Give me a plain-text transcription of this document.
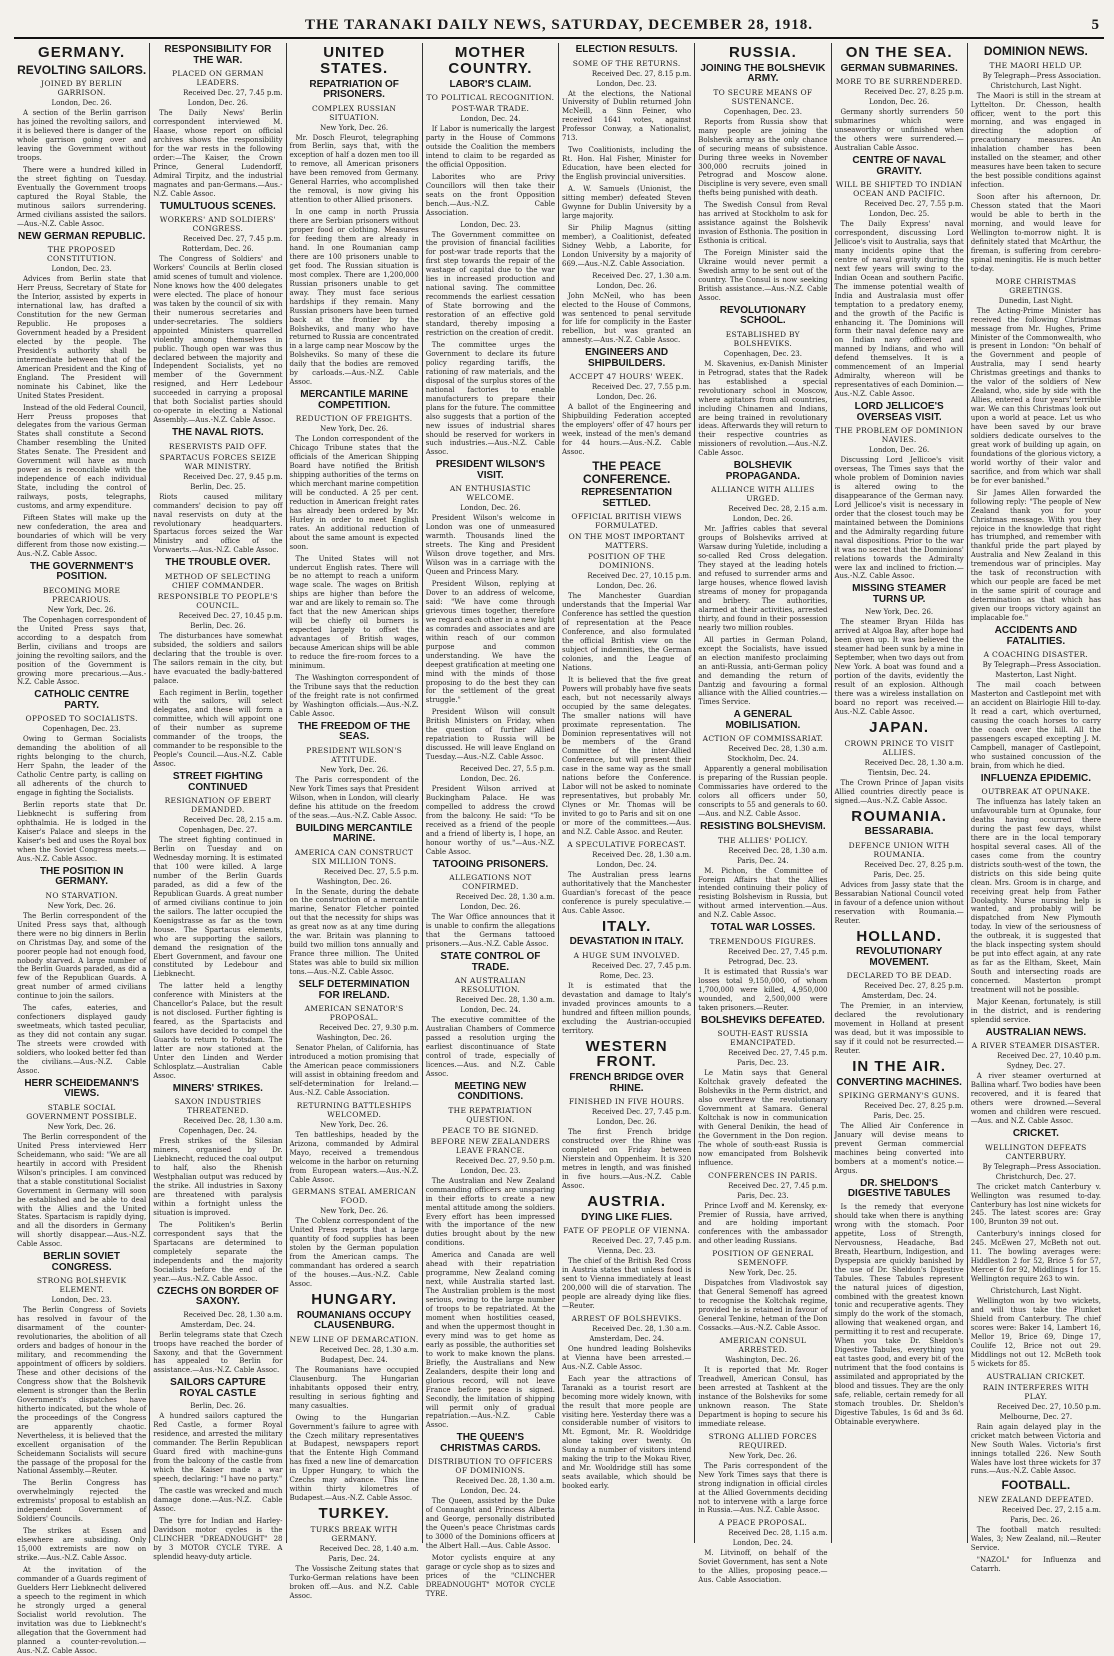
THE TARANAKI DAILY NEWS, SATURDAY, DECEMBER 28, 1918.	5
GERMANY.
REVOLTING SAILORS.
JOINED BY BERLIN GARRISON.
London, Dec. 26.

A section of the Berlin garrison has joined the revolting sailors, and it is believed there is danger of the whole garrison going over and leaving the Government without troops.

There were a hundred killed in the street fighting on Tuesday. Eventually the Government troops captured the Royal Stable, the mutinous sailors surrendering. Armed civilians assisted the sailors.—Aus.-N.Z. Cable Assoc.

NEW GERMAN REPUBLIC.
THE PROPOSED CONSTITUTION.
London, Dec. 23.

Advices from Berlin state that Herr Preuss, Secretary of State for the Interior, assisted by experts in international law, has drafted a Constitution for the new German Republic. He proposes a Government headed by a President elected by the people. The President's authority shall be intermediate between that of the American President and the King of England. The President will nominate his Cabinet, like the United States President.

Instead of the old Federal Council, Herr Preuss proposes that delegates from the various German States shall constitute a Second Chamber resembling the United States Senate. The President and Government will have as much power as is reconcilable with the independence of each individual State, including the control of railways, posts, telegraphs, customs, and army expenditure.

Fifteen States will make up the new confederation, the area and boundaries of which will be very different from those now existing.—Aus.-N.Z. Cable Assoc.

THE GOVERNMENT'S POSITION.
BECOMING MORE PRECARIOUS.
New York, Dec. 26.

The Copenhagen correspondent of the United Press says that, according to a despatch from Berlin, civilians and troops are joining the revolting sailors, and the position of the Government is growing more precarious.—Aus.-N.Z. Cable Assoc.

CATHOLIC CENTRE PARTY.
OPPOSED TO SOCIALISTS.
Copenhagen, Dec. 23.

Owing to German Socialists demanding the abolition of all rights belonging to the church, Herr Spahn, the leader of the Catholic Centre party, is calling on all adherents of the church to engage in fighting the Socialists.

Berlin reports state that Dr. Liebknecht is suffering from ophthalmia. He is lodged in the Kaiser's Palace and sleeps in the Kaiser's bed and uses the Royal box when the Soviet Congress meets.—Aus.-N.Z. Cable Assoc.

THE POSITION IN GERMANY.
NO STARVATION.
New York, Dec. 26.

The Berlin correspondent of the United Press says that, although there were no big dinners in Berlin on Christmas Day, and some of the poorer people had not enough food, nobody starved. A large number of the Berlin Guards paraded, as did a few of the Republican Guards. A great number of armed civilians continue to join the sailors.

The cafes, eateries, and confectioners displayed gaudy sweetmeats, which tasted peculiar, as they did not contain any sugar. The streets were crowded with soldiers, who looked better fed than the civilians.—Aus.-N.Z. Cable Assoc.

HERR SCHEIDEMANN'S VIEWS.
STABLE SOCIAL GOVERNMENT POSSIBLE.
New York, Dec. 26.

The Berlin correspondent of the United Press interviewed Herr Scheidemann, who said: "We are all heartily in accord with President Wilson's principles. I am convinced that a stable constitutional Socialist Government in Germany will soon be established and be able to deal with the Allies and the United States. Spartacism is rapidly dying, and all the disorders in Germany will shortly disappear.—Aus.-N.Z. Cable Assoc.

BERLIN SOVIET CONGRESS.
STRONG BOLSHEVIK ELEMENT.
London, Dec. 23.

The Berlin Congress of Soviets has resolved in favour of the disarmament of the counter-revolutionaries, the abolition of all orders and badges of honour in the military, and recommending the appointment of officers by soldiers. These and other decisions of the Congress show that the Bolshevik element is stronger than the Berlin Government's dispatches have hitherto indicated, but the whole of the proceedings of the Congress are apparently chaotic. Nevertheless, it is believed that the excellent organisation of the Scheidemann Socialists will secure the passage of the proposal for the National Assembly.—Reuter.

The Berlin Congress has overwhelmingly rejected the extremists' proposal to establish an independent Government of Soldiers' Councils.

The strikes at Essen and elsewhere are subsiding. Only 15,000 extremists are now on strike.—Aus.-N.Z. Cable Assoc.

At the invitation of the commander of a Guards regiment of Guelders Herr Liebknecht delivered a speech to the regiment in which he strongly urged a general Socialist world revolution. The invitation was due to Liebknecht's allegation that the Government had planned a counter-revolution.—Aus.-N.Z. Cable Assoc.

RESPONSIBILITY FOR THE WAR.
PLACED ON GERMAN LEADERS.
Received Dec. 27, 7.45 p.m.
London, Dec. 26.

The Daily News' Berlin correspondent interviewed M. Haase, whose report on official archives shows the responsibility for the war rests in the following order:—The Kaiser, the Crown Prince, General Ludendorff, Admiral Tirpitz, and the industrial magnates and pan-Germans.—Aus.-N.Z. Cable Assoc.

TUMULTUOUS SCENES.
WORKERS' AND SOLDIERS' CONGRESS.
Received Dec. 27, 7.45 p.m.
Rotterdam, Dec. 26.

The Congress of Soldiers' and Workers' Councils at Berlin closed amid scenes of tumult and violence. None knows how the 400 delegates were elected. The place of honour was taken by the council of six with their numerous secretaries and under-secretaries. The soldiers appointed Ministers quarrelled violently among themselves in public. Though open war was thus declared between the majority and Independent Socialists, yet no member of the Government resigned, and Herr Ledebour succeeded in carrying a proposal that both Socialist parties should co-operate in electing a National Assembly.—Aus.-N.Z. Cable Assoc.

THE NAVAL RIOTS.
RESERVISTS PAID OFF.
SPARTACUS FORCES SEIZE WAR MINISTRY.
Received Dec. 27, 9.45 p.m.
Berlin, Dec. 25.

Riots caused military commanders' decision to pay off naval reservists on duty at the revolutionary headquarters. Spartacus forces seized the War Ministry and office of the Vorwaerts.—Aus.-N.Z. Cable Assoc.

THE TROUBLE OVER.
METHOD OF SELECTING CHIEF COMMANDER.
RESPONSIBLE TO PEOPLE'S COUNCIL.
Received Dec. 27, 10.45 p.m.
Berlin, Dec. 26.

The disturbances have somewhat subsided, the soldiers and sailors declaring that the trouble is over. The sailors remain in the city, but have evacuated the badly-battered palace.

Each regiment in Berlin, together with the sailors, will select delegates, and these will form a committee, which will appoint one of their number as supreme commander of the troops, the commander to be responsible to the People's Council.—Aus.-N.Z. Cable Assoc.

STREET FIGHTING CONTINUED
RESIGNATION OF EBERT DEMANDED.
Received Dec. 28, 2.15 a.m.
Copenhagen, Dec. 27.

The street fighting continued in Berlin on Tuesday and on Wednesday morning. It is estimated that 100 were killed. A large number of the Berlin Guards paraded, as did a few of the Republican Guards. A great number of armed civilians continue to join the sailors. The latter occupied the Koenigstrasse as far as the town house. The Spartacus elements, who are supporting the sailors, demand the resignation of the Ebert Government, and favour one constituted by Ledebour and Liebknecht.

The latter held a lengthy conference with Ministers at the Chancellor's Palace, but the result is not disclosed. Further fighting is feared, as the Spartacists and sailors have decided to compel the Guards to return to Potsdam. The latter are now stationed at the Unter den Linden and Werder Schlosplatz.—Australian Cable Assoc.

MINERS' STRIKES.
SAXON INDUSTRIES THREATENED.
Received Dec. 28, 1.30 a.m.
Copenhagen, Dec. 24.

Fresh strikes of the Silesian miners, organised by Dr. Liebknecht, reduced the coal output to half, also the Rhenish Westphalian output was reduced by the strike. All industries in Saxony are threatened with paralysis within a fortnight unless the situation is improved.

The Politiken's Berlin correspondent says that the Spartacans are determined to completely separate the independents and the majority Socialists before the end of the year.—Aus.-N.Z. Cable Assoc.

CZECHS ON BORDER OF SAXONY.
Received Dec. 28, 1.30 a.m.
Amsterdam, Dec. 24.

Berlin telegrams state that Czech troops have reached the border of Saxony, and that the Government has appealed to Berlin for assistance.—Aus.-N.Z. Cable Assoc.

SAILORS CAPTURE ROYAL CASTLE
Berlin, Dec. 26.

A hundred sailors captured the Red Castle, a former Royal residence, and arrested the military commander. The Berlin Republican Guard fired with machine-guns from the balcony of the castle from which the Kaiser made a war speech, declaring: "I have no party."

The castle was wrecked and much damage done.—Aus.-N.Z. Cable Assoc.

The tyre for Indian and Harley-Davidson motor cycles is the CLINCHER "DREADNOUGHT" 28 by 3 MOTOR CYCLE TYRE. A splendid heavy-duty article.

UNITED STATES.
REPATRIATION OF PRISONERS.
COMPLEX RUSSIAN SITUATION.
New York, Dec. 26.

Mr. Dosch Fleurot, telegraphing from Berlin, says that, with the exception of half a dozen men too ill to remove, all American prisoners have been removed from Germany. General Harries, who accomplished the removal, is now giving his attention to other Allied prisoners.

In one camp in north Prussia there are Serbian prisoners without proper food or clothing. Measures for feeding them are already in hand. In one Roumanian camp there are 100 prisoners unable to get food. The Russian situation is most complex. There are 1,200,000 Russian prisoners unable to get away. They must face serious hardships if they remain. Many Russian prisoners have been turned back at the frontier by the Bolsheviks, and many who have returned to Russia are concentrated in a large camp near Moscow by the Bolsheviks. So many of these die daily that the bodies are removed by carloads.—Aus.-N.Z. Cable Assoc.

MERCANTILE MARINE COMPETITION.
REDUCTION OF FREIGHTS.
New York, Dec. 26.

The London correspondent of the Chicago Tribune states that the officials of the American Shipping Board have notified the British shipping authorities of the terms on which merchant marine competition will be conducted. A 25 per cent. reduction in American freight rates has already been ordered by Mr. Hurley in order to meet English rates. An additional reduction of about the same amount is expected soon.

The United States will not undercut English rates. There will be no attempt to reach a uniform wage scale. The wages on British ships are higher than before the war and are likely to remain so. The fact that the new American ships will be chiefly oil burners is expected largely to offset the advantages of British wages, because American ships will be able to reduce the fire-room forces to a minimum.

The Washington correspondent of the Tribune says that the reduction of the freight rate is not confirmed by Washington officials.—Aus.-N.Z. Cable Assoc.

THE FREEDOM OF THE SEAS.
PRESIDENT WILSON'S ATTITUDE.
New York, Dec. 26.

The Paris correspondent of the New York Times says that President Wilson, when in London, will clearly define his attitude on the freedom of the seas.—Aus.-N.Z. Cable Assoc.

BUILDING MERCANTILE MARINE.
AMERICA CAN CONSTRUCT SIX MILLION TONS.
Received Dec. 27, 5.5 p.m.
Washington, Dec. 26.

In the Senate, during the debate on the construction of a mercantile marine, Senator Fletcher pointed out that the necessity for ships was as great now as at any time during the war. Britain was planning to build two million tons annually and France three million. The United States was able to build six million tons.—Aus.-N.Z. Cable Assoc.

SELF DETERMINATION FOR IRELAND.
AMERICAN SENATOR'S PROPOSAL.
Received Dec. 27, 9.30 p.m.
Washington, Dec. 26.

Senator Phelan, of California, has introduced a motion promising that the American peace commissioners will assist in obtaining freedom and self-determination for Ireland.—Aus.-N.Z. Cable Association.

RETURNING BATTLESHIPS WELCOMED.
New York, Dec. 26.

Ten battleships, headed by the Arizona, commanded by Admiral Mayo, received a tremendous welcome in the harbor on returning from European waters.—Aus.-N.Z. Cable Assoc.

GERMANS STEAL AMERICAN FOOD.
New York, Dec. 26.

The Coblenz correspondent of the United Press reports that a large quantity of food supplies has been stolen by the German population from the American camps. The commandant has ordered a search of the houses.—Aus.-N.Z. Cable Assoc.

HUNGARY.
ROUMANIANS OCCUPY CLAUSENBURG.
NEW LINE OF DEMARCATION.
Received Dec. 28, 1.30 a.m.
Budapest, Dec. 24.

The Roumanians have occupied Clausenburg. The Hungarian inhabitants opposed their entry, resulting in serious fighting and many casualties.

Owing to the Hungarian Government's failure to agree with the Czech military representatives at Budapest, newspapers report that the Entente High Command has fixed a new line of demarcation in Upper Hungary, to which the Czechs may advance. This line within thirty kilometres of Budapest.—Aus.-N.Z. Cable Assoc.

TURKEY.
TURKS BREAK WITH GERMANY.
Received Dec. 28, 1.40 a.m.
Paris, Dec. 24.

The Vossische Zeitung states that Turko-German relations have been broken off.—Aus. and N.Z. Cable Assoc.

MOTHER COUNTRY.
LABOR'S CLAIM.
TO POLITICAL RECOGNITION.
POST-WAR TRADE.
London, Dec. 24.

If Labor is numerically the largest party in the House of Commons outside the Coalition the members intend to claim to be regarded as the official Opposition.

Laborites who are Privy Councillors will then take their seats on the front Opposition bench.—Aus.-N.Z. Cable Association.

London, Dec. 23.

The Government committee on the provision of financial facilities for post-war trade reports that the first step towards the repair of the wastage of capital due to the war lies in increased production and national saving. The committee recommends the earliest cessation of State borrowing and the restoration of an effective gold standard, thereby imposing a restriction on the creation of credit.

The committee urges the Government to declare its future policy regarding tariffs, the rationing of raw materials, and the disposal of the surplus stores of the national factories to enable manufacturers to prepare their plans for the future. The committee also suggests that a portion of the new issues of industrial shares should be reserved for workers in such industries.—Aus.-N.Z. Cable Assoc.

PRESIDENT WILSON'S VISIT.
AN ENTHUSIASTIC WELCOME.
London, Dec. 26.

President Wilson's welcome in London was one of unmeasured warmth. Thousands lined the streets. The King and President Wilson drove together, and Mrs. Wilson was in a carriage with the Queen and Princess Mary.

President Wilson, replying at Dover to an address of welcome, said: "We have come through grievous times together, therefore we regard each other in a new light as comrades and associates and are within reach of our common purpose and common understanding. We have the deepest gratification at meeting one mind with the minds of those proposing to do the best they can for the settlement of the great struggle."

President Wilson will consult British Ministers on Friday, when the question of further Allied repatriation to Russia will be discussed. He will leave England on Tuesday.—Aus.-N.Z. Cable Assoc.

Received Dec. 27, 5.5 p.m.
London, Dec. 26.

President Wilson arrived at Buckingham Palace. He was compelled to address the crowd from the balcony. He said: "To be received as a friend of the people and a friend of liberty is, I hope, an honour worthy of us."—Aus.-N.Z. Cable Assoc.

TATOOING PRISONERS.
ALLEGATIONS NOT CONFIRMED.
Received Dec. 28, 1.30 a.m.
London, Dec. 26.

The War Office announces that it is unable to confirm the allegations that the Germans tattooed prisoners.—Aus.-N.Z. Cable Assoc.

STATE CONTROL OF TRADE.
AN AUSTRALIAN RESOLUTION.
Received Dec. 28, 1.30 a.m.
London, Dec. 24.

The executive committee of the Australian Chambers of Commerce passed a resolution urging the earliest discontinuance of State control of trade, especially of licences.—Aus. and N.Z. Cable Assoc.

MEETING NEW CONDITIONS.
THE REPATRIATION QUESTION.
PEACE TO BE SIGNED.
BEFORE NEW ZEALANDERS LEAVE FRANCE.
Received Dec. 27, 9.50 p.m.
London, Dec. 23.

The Australian and New Zealand commanding officers are unsparing in their efforts to create a new mental attitude among the soldiers. Every effort has been impressed with the importance of the new duties brought about by the new conditions.

America and Canada are well ahead with their repatriation programme, New Zealand coming next, while Australia started last. The Australian problem is the most serious, owing to the large number of troops to be repatriated. At the moment when hostilities ceased, and when the uppermost thought in every mind was to get home as early as possible, the authorities set to work to make known the plans. Briefly, the Australians and New Zealanders, despite their long and glorious record, will not leave France before peace is signed. Secondly, the limitation of shipping will permit only of gradual repatriation.—Aus.-N.Z. Cable Assoc.

THE QUEEN'S CHRISTMAS CARDS.
DISTRIBUTION TO OFFICERS OF DOMINIONS.
Received Dec. 28, 1.30 a.m.
London, Dec. 24.

The Queen, assisted by the Duke of Connaught and Princess Alberta and George, personally distributed the Queen's peace Christmas cards to 3000 of the Dominions officers at the Albert Hall.—Aus. Cable Assoc.

Motor cyclists enquire at any garage or cycle shop as to sizes and prices of the "CLINCHER DREADNOUGHT" MOTOR CYCLE TYRE.

ELECTION RESULTS.
SOME OF THE RETURNS.
Received Dec. 27, 8.15 p.m.
London, Dec. 23.

At the elections, the National University of Dublin returned John McNeill, a Sinn Feiner, who received 1641 votes, against Professor Conway, a Nationalist, 713.

Two Coalitionists, including the Rt. Hon. Hal Fisher, Minister for Education, have been elected for the English provincial universities.

A. W. Samuels (Unionist, the sitting member) defeated Steven Gwynne for Dublin University by a large majority.

Sir Philip Magnus (sitting member), a Coalitionist, defeated Sidney Webb, a Laborite, for London University by a majority of 669.—Aus.-N.Z. Cable Association.

Received Dec. 27, 1.30 a.m.
London, Dec. 26.

John McNeil, who has been elected to the House of Commons, was sentenced to penal servitude for life for complicity in the Easter rebellion, but was granted an amnesty.—Aus.-N.Z. Cable Assoc.

ENGINEERS AND SHIPBUILDERS.
ACCEPT 47 HOURS' WEEK.
Received Dec. 27, 7.55 p.m.
London, Dec. 26.

A ballot of the Engineering and Shipbuilding Federation accepted the employers' offer of 47 hours per week, instead of the men's demand for 44 hours.—Aus.-N.Z. Cable Assoc.

THE PEACE CONFERENCE.
REPRESENTATION SETTLED.
OFFICIAL BRITISH VIEWS FORMULATED.
ON THE MOST IMPORTANT MATTERS.
POSITION OF THE DOMINIONS.
Received Dec. 27, 10.15 p.m.
London, Dec. 26.

The Manchester Guardian understands that the Imperial War Conference has settled the question of representation at the Peace Conference, and also formulated the official British view on the subject of indemnities, the German colonies, and the League of Nations.

It is believed that the five great Powers will probably have five seats each, but not necessarily always occupied by the same delegates. The smaller nations will have proximate representation. The Dominion representatives will not be members of the Grand Committee of the inter-Allied Conference, but will present their case in the same way as the small nations before the Conference. Labor will not be asked to nominate representatives, but probably Mr. Clynes or Mr. Thomas will be invited to go to Paris and sit on one or more of the committees.—Aus. and N.Z. Cable Assoc. and Reuter.

A SPECULATIVE FORECAST.
Received Dec. 28, 1.30 a.m.
London, Dec. 24.

The Australian press learns authoritatively that the Manchester Guardian's forecast of the peace conference is purely speculative.—Aus. Cable Assoc.

ITALY.
DEVASTATION IN ITALY.
A HUGE SUM INVOLVED.
Received Dec. 27, 7.45 p.m.
Rome, Dec. 23.

It is estimated that the devastation and damage to Italy's invaded provinces amounts to a hundred and fifteen million pounds, excluding the Austrian-occupied territory.

WESTERN FRONT.
FRENCH BRIDGE OVER RHINE.
FINISHED IN FIVE HOURS.
Received Dec. 27, 7.45 p.m.
London, Dec. 26.

The first French bridge constructed over the Rhine was completed on Friday between Nierstein and Oppenheim. It is 320 metres in length, and was finished in five hours.—Aus.-N.Z. Cable Assoc.

AUSTRIA.
DYING LIKE FLIES.
FATE OF PEOPLE OF VIENNA.
Received Dec. 27, 7.45 p.m.
Vienna, Dec. 23.

The chief of the British Red Cross in Austria states that unless food is sent to Vienna immediately at least 200,000 will die of starvation. The people are already dying like flies.—Reuter.

ARREST OF BOLSHEVIKS.
Received Dec. 28, 1.30 a.m.
Amsterdam, Dec. 24.

One hundred leading Bolsheviks at Vienna have been arrested.—Aus.-N.Z. Cable Assoc.

Each year the attractions of Taranaki as a tourist resort are becoming more widely known, with the result that more people are visiting here. Yesterday there was a considerable number of visitors to Mt. Egmont, Mr. R. Wooldridge alone taking over twenty. On Sunday a number of visitors intend making the trip to the Mokau River, and Mr. Wooldridge still has some seats available, which should be booked early.

RUSSIA.
JOINING THE BOLSHEVIK ARMY.
TO SECURE MEANS OF SUSTENANCE.
Copenhagen, Dec. 23.

Reports from Russia show that many people are joining the Bolshevik army as the only chance of securing means of subsistence. During three weeks in November 300,000 recruits joined in Petrograd and Moscow alone. Discipline is very severe, even small thefts being punished with death.

The Swedish Consul from Reval has arrived at Stockholm to ask for assistance against the Bolshevik invasion of Esthonia. The position in Esthonia is critical.

The Foreign Minister said the Ukraine would never permit a Swedish army to be sent out of the country. The Consul is now seeking British assistance.—Aus.-N.Z. Cable Assoc.

REVOLUTIONARY SCHOOL.
ESTABLISHED BY BOLSHEVIKS.
Copenhagen, Dec. 23.

M. Skavenius, ex-Danish Minister in Petrograd, states that the Radek has established a special revolutionary school in Moscow, where agitators from all countries, including Chinamen and Indians, are being trained in revolutionary ideas. Afterwards they will return to their respective countries as missioners of revolution.—Aus.-N.Z. Cable Assoc.

BOLSHEVIK PROPAGANDA.
ALLIANCE WITH ALLIES URGED.
Received Dec. 28, 2.15 a.m.
London, Dec. 26.

Mr. Jaffries cables that several groups of Bolsheviks arrived at Warsaw during Yuletide, including a so-called Red Cross delegation. They stayed at the leading hotels and refused to surrender arms and large houses, whence flowed lavish streams of money for propaganda and bribery. The authorities, alarmed at their activities, arrested thirty, and found in their possession nearly two million roubles.

All parties in German Poland, except the Socialists, have issued an election manifesto proclaiming an anti-Russia, anti-German policy and demanding the return of Dantzig and favouring a formal alliance with the Allied countries.—Times Service.

A GENERAL MOBILISATION.
ACTION OF COMMISSARIAT.
Received Dec. 28, 1.30 a.m.
Stockholm, Dec. 24.

Apparently a general mobilisation is preparing of the Russian people. Commissaries have ordered to the colors all officers under 50, conscripts to 55 and generals to 60.—Aus. and N.Z. Cable Assoc.

RESISTING BOLSHEVISM.
THE ALLIES' POLICY.
Received Dec. 28, 1.30 a.m.
Paris, Dec. 24.

M. Pichon, the Committee of Foreign Affairs that the Allies intended continuing their policy of resisting Bolshevism in Russia, but without armed intervention.—Aus. and N.Z. Cable Assoc.

TOTAL WAR LOSSES.
TREMENDOUS FIGURES.
Received Dec. 27, 7.45 p.m.
Petrograd, Dec. 23.

It is estimated that Russia's war losses total 9,150,000, of whom 1,700,000 were killed, 4,950,000 wounded, and 2,500,000 were taken prisoners.—Reuter.

BOLSHEVIKS DEFEATED.
SOUTH-EAST RUSSIA EMANCIPATED.
Received Dec. 27, 7.45 p.m.
Paris, Dec. 23.

Le Matin says that General Koltchak gravely defeated the Bolsheviks in the Perm district, and also overthrew the revolutionary Government at Samara. General Koltchak is now in communication with General Denikin, the head of the Government in the Don region. The whole of south-east Russia is now emancipated from Bolshevik influence.

CONFERENCES IN PARIS.
Received Dec. 27, 7.45 p.m.
Paris, Dec. 23.

Prince Lvoff and M. Kerensky, ex-Premier of Russia, have arrived, and are holding important conferences with the ambassador and other leading Russians.

POSITION OF GENERAL SEMENOFF.
New York, Dec. 25.

Dispatches from Vladivostok say that General Semenoff has agreed to recognise the Koltchak regime, provided he is retained in favour of General Tenkine, hetman of the Don Cossacks.—Aus.-N.Z. Cable Assoc.

AMERICAN CONSUL ARRESTED.
Washington, Dec. 26.

It is reported that Mr. Roger Treadwell, American Consul, has been arrested at Tashkent at the instance of the Bolsheviks for some unknown reason. The State Department is hoping to secure his immediate release.

STRONG ALLIED FORCES REQUIRED.
New York, Dec. 26.

The Paris correspondent of the New York Times says that there is strong indignation in official circles at the Allied Governments deciding not to intervene with a large force in Russia.—Aus. N.Z. Cable Assoc.

A PEACE PROPOSAL.
Received Dec. 28, 1.15 a.m.
London, Dec. 24.

M. Litvinoff, on behalf of the Soviet Government, has sent a Note to the Allies, proposing peace.—Aus. Cable Association.

ON THE SEA.
GERMAN SUBMARINES.
MORE TO BE SURRENDERED.
Received Dec. 27, 8.25 p.m.
London, Dec. 26.

Germany shortly surrenders 50 submarines which were unseaworthy or unfinished when the others were surrendered.—Australian Cable Assoc.

CENTRE OF NAVAL GRAVITY.
WILL BE SHIFTED TO INDIAN OCEAN AND PACIFIC.
Received Dec. 27, 7.55 p.m.
London, Dec. 25.

The Daily Express' naval correspondent, discussing Lord Jellicoe's visit to Australia, says that many incidents opine that the centre of naval gravity during the next few years will swing to the Indian Ocean and southern Pacific. The immense potential wealth of India and Australasia must offer temptation to a predatory enemy, and the growth of the Pacific is enhancing it. The Dominions will form their naval defence navy are on Indian navy officered and manned by Indians, and who will defend themselves. It is a commencement of an Imperial Admiralty, whereon will be representatives of each Dominion.—Aus.-N.Z. Cable Assoc.

LORD JELLICOE'S OVERSEAS VISIT.
THE PROBLEM OF DOMINION NAVIES.
London, Dec. 26.

Discussing Lord Jellicoe's visit overseas, The Times says that the whole problem of Dominion navies is altered owing to the disappearance of the German navy. Lord Jellicoe's visit is necessary in order that the closest touch may be maintained between the Dominions and the Admiralty regarding future naval dispositions. Prior to the war it was no secret that the Dominions' relations towards the Admiralty were lax and inclined to friction.—Aus.-N.Z. Cable Assoc.

MISSING STEAMER TURNS UP.
New York, Dec. 26.

The steamer Bryan Hilda has arrived at Algoa Bay, after hope had been given up. It was believed the steamer had been sunk by a mine in September, when two days out from New York. A boat was found and a portion of the davits, evidently the result of an explosion. Although there was a wireless installation on board no report was received.—Aus.-N.Z. Cable Assoc.

JAPAN.
CROWN PRINCE TO VISIT ALLIES.
Received Dec. 28, 1.30 a.m.
Tientsin, Dec. 24.

The Crown Prince of Japan visits Allied countries directly peace is signed.—Aus.-N.Z. Cable Assoc.

ROUMANIA.
BESSARABIA.
DEFENCE UNION WITH ROUMANIA.
Received Dec. 27, 8.25 p.m.
Paris, Dec. 25.

Advices from Jassy state that the Bessarabian National Council voted in favour of a defence union without reservation with Roumania.—Reuter.

HOLLAND.
REVOLUTIONARY MOVEMENT.
DECLARED TO BE DEAD.
Received Dec. 27, 8.25 p.m.
Amsterdam, Dec. 24.

The Premier, in an interview, declared the revolutionary movement in Holland at present was dead, but it was impossible to say if it could not be resurrected.—Reuter.

IN THE AIR.
CONVERTING MACHINES.
SPIKING GERMANY'S GUNS.
Received Dec. 27, 8.25 p.m.
Paris, Dec. 25.

The Allied Air Conference in January will devise means to prevent German commercial machines being converted into bombers at a moment's notice.—Argus.

DR. SHELDON'S DIGESTIVE TABULES

Is the remedy that everyone should take when there is anything wrong with the stomach. Poor appetite, Loss of Strength, Nervousness, Headache, Bad Breath, Heartburn, Indigestion, and Dyspepsia are quickly banished by the use of Dr. Sheldon's Digestive Tabules. These Tabules represent the natural juices of digestion, combined with the greatest known tonic and recuperative agents. They simply do the work of the stomach, allowing that weakened organ, and permitting it to rest and recuperate. When you take Dr. Sheldon's Digestive Tabules, everything you eat tastes good, and every bit of the nutriment that the food contains is assimilated and appropriated by the blood and tissues. They are the only safe, reliable, certain remedy for all stomach troubles. Dr. Sheldon's Digestive Tabules, 1s 6d and 3s 6d. Obtainable everywhere.

DOMINION NEWS.
THE MAORI HELD UP.
By Telegraph—Press Association.
Christchurch, Last Night.

The Maori is still in the stream at Lyttelton. Dr. Chesson, health officer, went to the port this morning, and was engaged in directing the adoption of precautionary measures. An inhalation chamber has been installed on the steamer, and other measures have been taken to secure the best possible conditions against infection.

Soon after his afternoon, Dr. Chesson stated that the Maori would be able to berth in the morning, and would leave for Wellington to-morrow night. It is definitely stated that McArthur, the fireman, is suffering from cerebro-spinal meningitis. He is much better to-day.

MORE CHRISTMAS GREETINGS.
Dunedin, Last Night.

The Acting-Prime Minister has received the following Christmas message from Mr. Hughes, Prime Minister of the Commonwealth, who is present in London: "On behalf of the Government and people of Australia, may I send hearty Christmas greetings and thanks to the valor of the soldiers of New Zealand, who, side by side with the Allies, entered a four years' terrible war. We can this Christmas look out upon a world at peace. Let us who have been saved by our brave soldiers dedicate ourselves to the great work of building up again, on foundations of the glorious victory, a world worthy of their valor and sacrifice, and from which war shall be for ever banished."

Sir James Allen forwarded the following reply: "The people of New Zealand thank you for your Christmas message. With you they rejoice in the knowledge that right has triumphed, and remember with thankful pride the part played by Australia and New Zealand in this tremendous war of principles. May the task of reconstruction with which our people are faced be met in the same spirit of courage and determination as that which has given our troops victory against an implacable foe."

ACCIDENTS AND FATALITIES.
A COACHING DISASTER.
By Telegraph—Press Association.
Masterton, Last Night.

The mail coach between Masterton and Castlepoint met with an accident on Blairlogie Hill to-day. It read a cart, which overturned, causing the coach horses to carry the coach over the hill. All the passengers escaped excepting J. M. Campbell, manager of Castlepoint, who sustained concussion of the brain, from which he died.

INFLUENZA EPIDEMIC.
OUTBREAK AT OPUNAKE.

The influenza has lately taken an unfavourable turn at Opunake, four deaths having occurred there during the past few days, whilst there are in the local temporary hospital several cases. All of the cases come from the country districts south-west of the town, the districts on this side being quite clean. Mrs. Groom is in charge, and receiving great help from Father Doolaghty. Nurse nursing help is wanted, and probably will be dispatched from New Plymouth today. In view of the seriousness of the outbreak, it is suggested that the black inspecting system should be put into effect again, at any rate as far as the Eltham, Skeet, Main South and intersecting roads are concerned. Masterton prompt treatment will not be possible.

Major Keenan, fortunately, is still in the district, and is rendering splendid service.

AUSTRALIAN NEWS.
A RIVER STEAMER DISASTER.
Received Dec. 27, 10.40 p.m.
Sydney, Dec. 27.

A river steamer overturned at Ballina wharf. Two bodies have been recovered, and it is feared that others were drowned.—Several women and children were rescued.—Aus. and N.Z. Cable Assoc.

CRICKET.
WELLINGTON DEFEATS CANTERBURY.
By Telegraph—Press Association.
Christchurch, Dec. 27.

The cricket match Canterbury v. Wellington was resumed to-day. Canterbury has lost nine wickets for 245. The latest scores are: Gray 100, Brunton 39 not out.

Canterbury's innings closed for 245. McEwen 27, McBeth not out. 11. The bowling averages were: Hiddleston 2 for 52, Brice 5 for 57, Mercer 6 for 92, Middlings 1 for 15. Wellington require 263 to win.

Christchurch, Last Night.

Wellington won by two wickets, and will thus take the Plunket Shield from Canterbury. The chief scores were: Baker 14, Lambert 16, Mellor 19, Brice 69, Dinge 17, Coulife 12, Brice not out 29. Middlings not out 12. McBeth took 5 wickets for 85.

AUSTRALIAN CRICKET.
RAIN INTERFERES WITH PLAY.
Received Dec. 27, 10.50 p.m.
Melbourne, Dec. 27.

Rain again delayed play in the cricket match between Victoria and New South Wales. Victoria's first innings totalled 226. New South Wales have lost three wickets for 37 runs.—Aus.-N.Z. Cable Assoc.

FOOTBALL.
NEW ZEALAND DEFEATED.
Received Dec. 27, 2.15 a.m.
Paris, Dec. 26.

The football match resulted: Wales, 3; New Zealand, nil.—Reuter Service.

"NAZOL" for Influenza and Catarrh.
